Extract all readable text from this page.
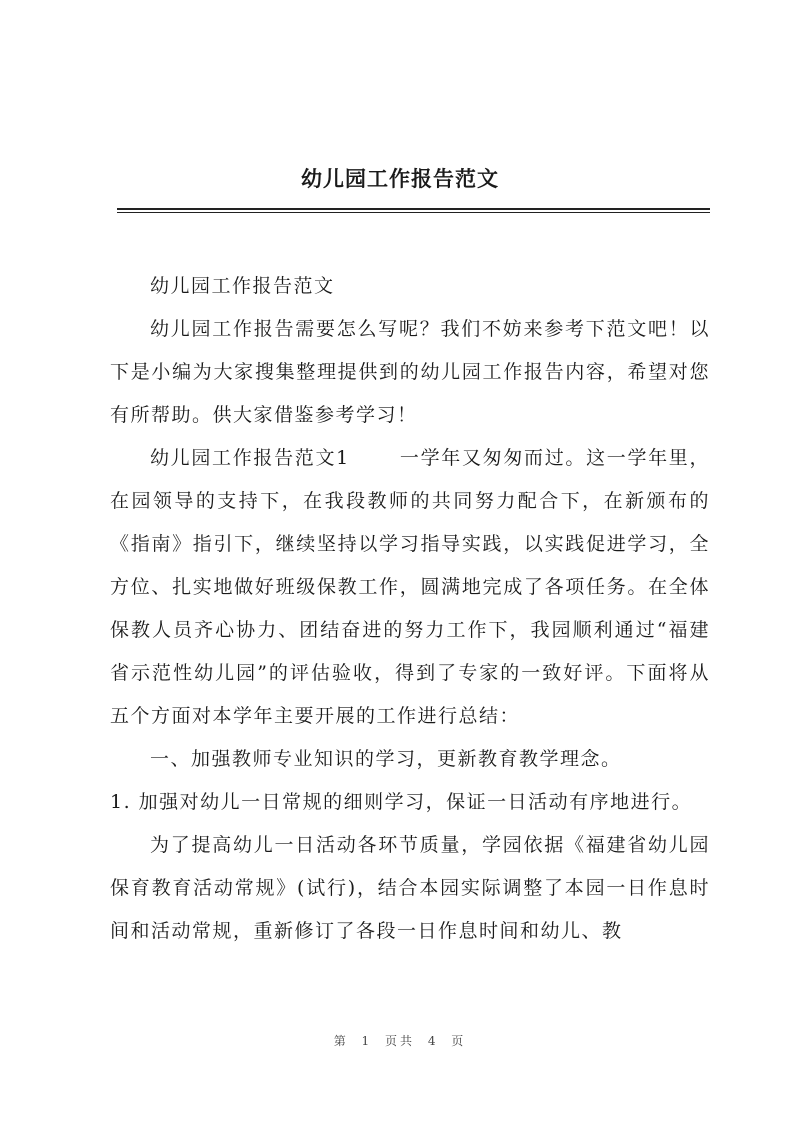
幼儿园工作报告范文

幼儿园工作报告范文

幼儿园工作报告需要怎么写呢？我们不妨来参考下范文吧！以下是小编为大家搜集整理提供到的幼儿园工作报告内容，希望对您有所帮助。供大家借鉴参考学习！

幼儿园工作报告范文1	一学年又匆匆而过。这一学年里，在园领导的支持下，在我段教师的共同努力配合下，在新颁布的《指南》指引下，继续坚持以学习指导实践，以实践促进学习，全方位、扎实地做好班级保教工作，圆满地完成了各项任务。在全体保教人员齐心协力、团结奋进的努力工作下，我园顺利通过“福建省示范性幼儿园”的评估验收，得到了专家的一致好评。下面将从五个方面对本学年主要开展的工作进行总结：

一、加强教师专业知识的学习，更新教育教学理念。

1. 加强对幼儿一日常规的细则学习，保证一日活动有序地进行。

为了提高幼儿一日活动各环节质量，学园依据《福建省幼儿园保育教育活动常规》(试行)，结合本园实际调整了本园一日作息时间和活动常规，重新修订了各段一日作息时间和幼儿、教

第 1 页共 4 页
